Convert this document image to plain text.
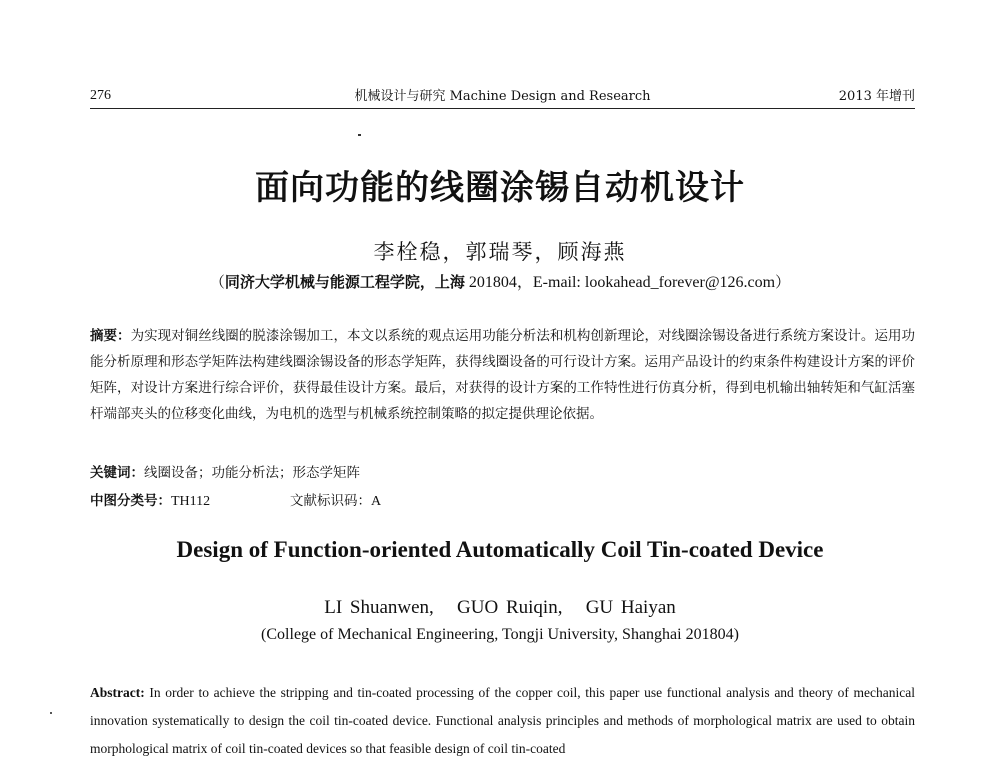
276	机械设计与研究 Machine Design and Research	2013 年增刊
面向功能的线圈涂锡自动机设计
李栓稳，郭瑞琴，顾海燕
（同济大学机械与能源工程学院，上海 201804，E-mail: lookahead_forever@126.com）
摘要：为实现对铜丝线圈的脱漆涂锡加工，本文以系统的观点运用功能分析法和机构创新理论，对线圈涂锡设备进行系统方案设计。运用功能分析原理和形态学矩阵法构建线圈涂锡设备的形态学矩阵，获得线圈设备的可行设计方案。运用产品设计的约束条件构建设计方案的评价矩阵，对设计方案进行综合评价，获得最佳设计方案。最后，对获得的设计方案的工作特性进行仿真分析，得到电机输出轴转矩和气缸活塞杆端部夹头的位移变化曲线，为电机的选型与机械系统控制策略的拟定提供理论依据。
关键词：线圈设备；功能分析法；形态学矩阵
中图分类号：TH112	文献标识码：A
Design of Function-oriented Automatically Coil Tin-coated Device
LI Shuanwen,   GUO Ruiqin,   GU Haiyan
(College of Mechanical Engineering, Tongji University, Shanghai 201804)
Abstract: In order to achieve the stripping and tin-coated processing of the copper coil, this paper use functional analysis and theory of mechanical innovation systematically to design the coil tin-coated device. Functional analysis principles and methods of morphological matrix are used to obtain morphological matrix of coil tin-coated devices so that feasible design of coil tin-coated
